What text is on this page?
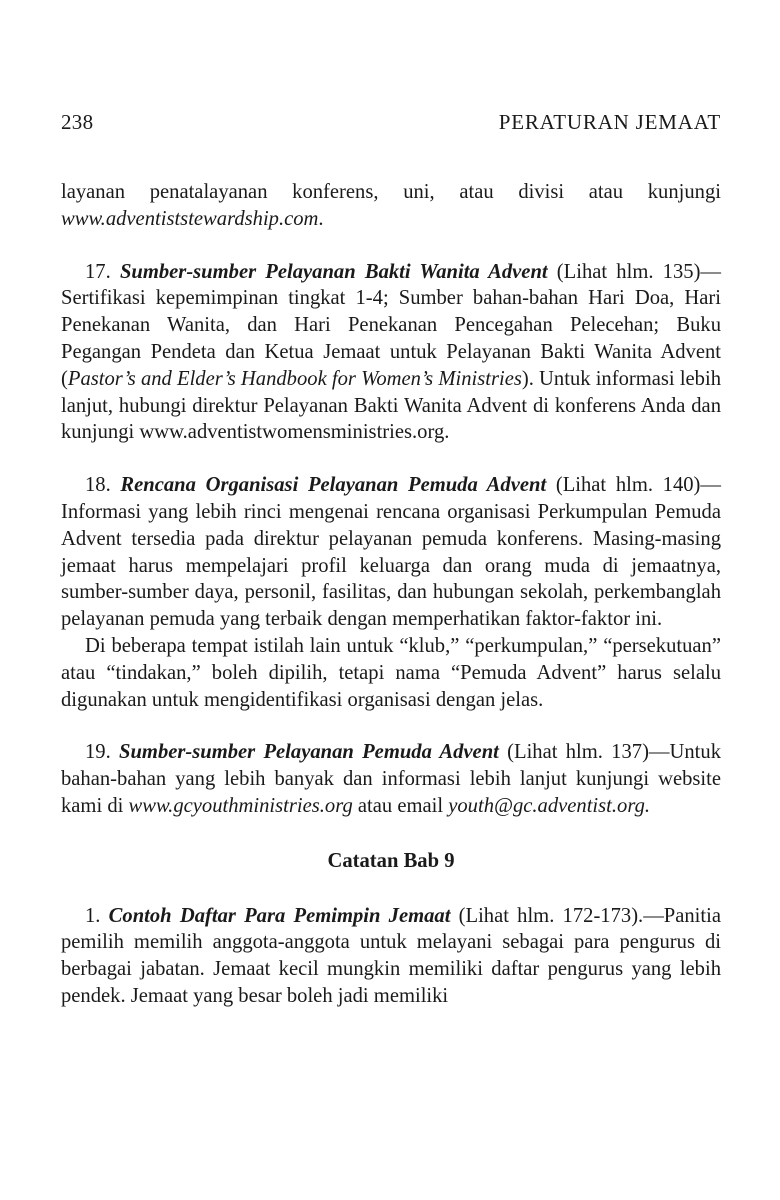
238	PERATURAN JEMAAT

layanan penatalayanan konferens, uni, atau divisi atau kunjungi www.adventiststewardship.com.

17. Sumber-sumber Pelayanan Bakti Wanita Advent (Lihat hlm. 135)—Sertifikasi kepemimpinan tingkat 1-4; Sumber bahan-bahan Hari Doa, Hari Penekanan Wanita, dan Hari Penekanan Pencegahan Pelecehan; Buku Pegangan Pendeta dan Ketua Jemaat untuk Pelayanan Bakti Wanita Advent (Pastor’s and Elder’s Handbook for Women’s Ministries). Untuk informasi lebih lanjut, hubungi direktur Pelayanan Bakti Wanita Advent di konferens Anda dan kunjungi www.adventistwomensministries.org.

18. Rencana Organisasi Pelayanan Pemuda Advent (Lihat hlm. 140)—Informasi yang lebih rinci mengenai rencana organisasi Perkumpulan Pemuda Advent tersedia pada direktur pelayanan pemuda konferens. Masing-masing jemaat harus mempelajari profil keluarga dan orang muda di jemaatnya, sumber-sumber daya, personil, fasilitas, dan hubungan sekolah, perkembanglah pelayanan pemuda yang terbaik dengan memperhatikan faktor-faktor ini.

Di beberapa tempat istilah lain untuk “klub,” “perkumpulan,” “persekutuan” atau “tindakan,” boleh dipilih, tetapi nama “Pemuda Advent” harus selalu digunakan untuk mengidentifikasi organisasi dengan jelas.

19. Sumber-sumber Pelayanan Pemuda Advent (Lihat hlm. 137)—Untuk bahan-bahan yang lebih banyak dan informasi lebih lanjut kunjungi website kami di www.gcyouthministries.org atau email youth@gc.adventist.org.

Catatan Bab 9

1. Contoh Daftar Para Pemimpin Jemaat (Lihat hlm. 172-173).—Panitia pemilih memilih anggota-anggota untuk melayani sebagai para pengurus di berbagai jabatan. Jemaat kecil mungkin memiliki daftar pengurus yang lebih pendek. Jemaat yang besar boleh jadi memiliki
